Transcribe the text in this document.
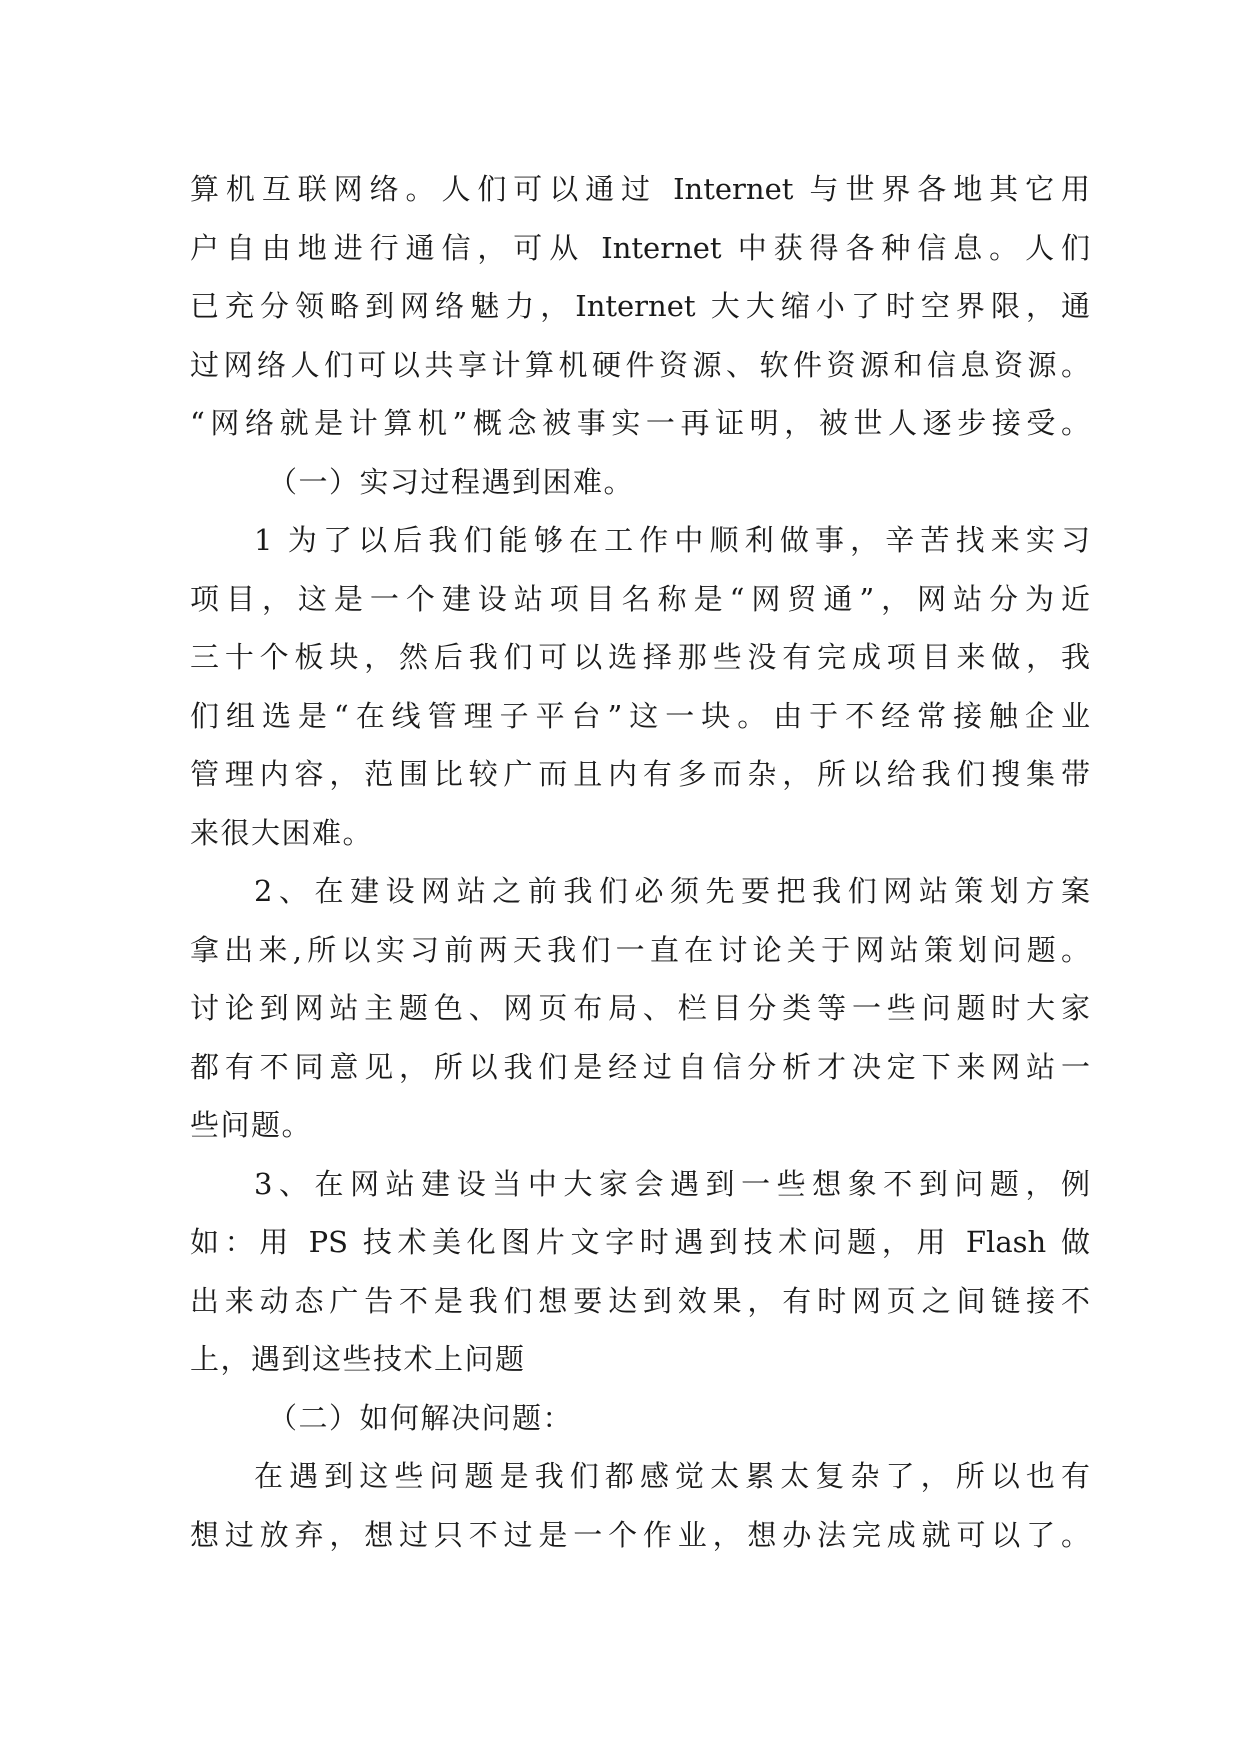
算机互联网络。人们可以通过 Internet 与世界各地其它用
户自由地进行通信，可从 Internet 中获得各种信息。人们
已充分领略到网络魅力，Internet 大大缩小了时空界限，通
过网络人们可以共享计算机硬件资源、软件资源和信息资源。
“网络就是计算机”概念被事实一再证明，被世人逐步接受。
（一）实习过程遇到困难。
1 为了以后我们能够在工作中顺利做事，辛苦找来实习
项目，这是一个建设站项目名称是“网贸通”，网站分为近
三十个板块，然后我们可以选择那些没有完成项目来做，我
们组选是“在线管理子平台”这一块。由于不经常接触企业
管理内容，范围比较广而且内有多而杂，所以给我们搜集带
来很大困难。
2、在建设网站之前我们必须先要把我们网站策划方案
拿出来,所以实习前两天我们一直在讨论关于网站策划问题。
讨论到网站主题色、网页布局、栏目分类等一些问题时大家
都有不同意见，所以我们是经过自信分析才决定下来网站一
些问题。
3、在网站建设当中大家会遇到一些想象不到问题，例
如：用 PS 技术美化图片文字时遇到技术问题，用 Flash 做
出来动态广告不是我们想要达到效果，有时网页之间链接不
上，遇到这些技术上问题
（二）如何解决问题：
在遇到这些问题是我们都感觉太累太复杂了，所以也有
想过放弃，想过只不过是一个作业，想办法完成就可以了。
